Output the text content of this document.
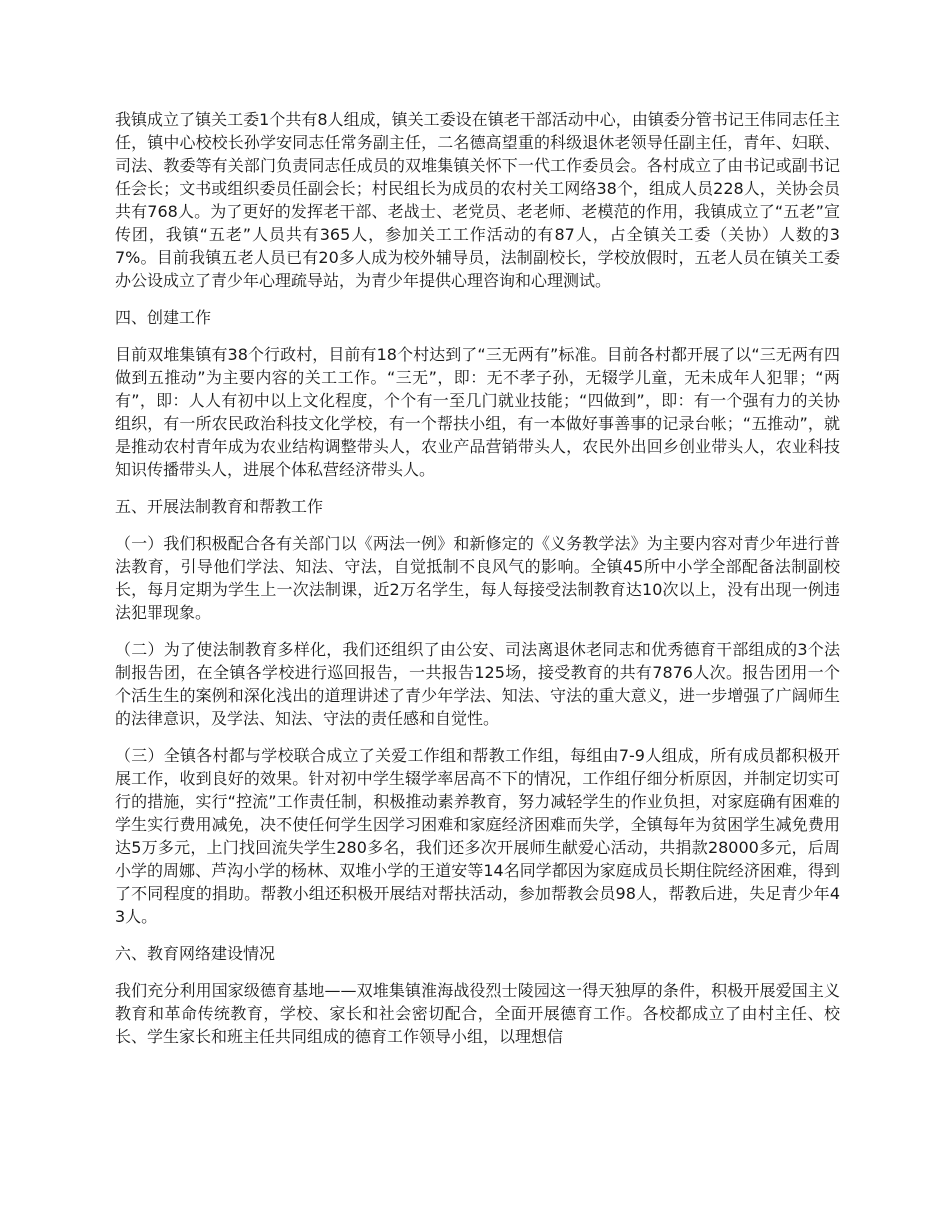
我镇成立了镇关工委1个共有8人组成，镇关工委设在镇老干部活动中心，由镇委分管书记王伟同志任主任，镇中心校校长孙学安同志任常务副主任，二名德高望重的科级退休老领导任副主任，青年、妇联、司法、教委等有关部门负责同志任成员的双堆集镇关怀下一代工作委员会。各村成立了由书记或副书记任会长；文书或组织委员任副会长；村民组长为成员的农村关工网络38个，组成人员228人，关协会员共有768人。为了更好的发挥老干部、老战士、老党员、老老师、老模范的作用，我镇成立了“五老”宣传团，我镇“五老”人员共有365人，参加关工工作活动的有87人，占全镇关工委（关协）人数的37%。目前我镇五老人员已有20多人成为校外辅导员，法制副校长，学校放假时，五老人员在镇关工委办公设成立了青少年心理疏导站，为青少年提供心理咨询和心理测试。

四、创建工作

目前双堆集镇有38个行政村，目前有18个村达到了“三无两有”标准。目前各村都开展了以“三无两有四做到五推动”为主要内容的关工工作。“三无”，即：无不孝子孙，无辍学儿童，无未成年人犯罪；“两有”，即：人人有初中以上文化程度，个个有一至几门就业技能；“四做到”，即：有一个强有力的关协组织，有一所农民政治科技文化学校，有一个帮扶小组，有一本做好事善事的记录台帐；“五推动”，就是推动农村青年成为农业结构调整带头人，农业产品营销带头人，农民外出回乡创业带头人，农业科技知识传播带头人，进展个体私营经济带头人。

五、开展法制教育和帮教工作

（一）我们积极配合各有关部门以《两法一例》和新修定的《义务教学法》为主要内容对青少年进行普法教育，引导他们学法、知法、守法，自觉抵制不良风气的影响。全镇45所中小学全部配备法制副校长，每月定期为学生上一次法制课，近2万名学生，每人每接受法制教育达10次以上，没有出现一例违法犯罪现象。

（二）为了使法制教育多样化，我们还组织了由公安、司法离退休老同志和优秀德育干部组成的3个法制报告团，在全镇各学校进行巡回报告，一共报告125场，接受教育的共有7876人次。报告团用一个个活生生的案例和深化浅出的道理讲述了青少年学法、知法、守法的重大意义，进一步增强了广阔师生的法律意识，及学法、知法、守法的责任感和自觉性。

（三）全镇各村都与学校联合成立了关爱工作组和帮教工作组，每组由7-9人组成，所有成员都积极开展工作，收到良好的效果。针对初中学生辍学率居高不下的情况，工作组仔细分析原因，并制定切实可行的措施，实行“控流”工作责任制，积极推动素养教育，努力减轻学生的作业负担，对家庭确有困难的学生实行费用减免，决不使任何学生因学习困难和家庭经济困难而失学，全镇每年为贫困学生减免费用达5万多元，上门找回流失学生280多名，我们还多次开展师生献爱心活动，共捐款28000多元，后周小学的周娜、芦沟小学的杨林、双堆小学的王道安等14名同学都因为家庭成员长期住院经济困难，得到了不同程度的捐助。帮教小组还积极开展结对帮扶活动，参加帮教会员98人，帮教后进，失足青少年43人。

六、教育网络建设情况

我们充分利用国家级德育基地——双堆集镇淮海战役烈士陵园这一得天独厚的条件，积极开展爱国主义教育和革命传统教育，学校、家长和社会密切配合，全面开展德育工作。各校都成立了由村主任、校长、学生家长和班主任共同组成的德育工作领导小组，以理想信
